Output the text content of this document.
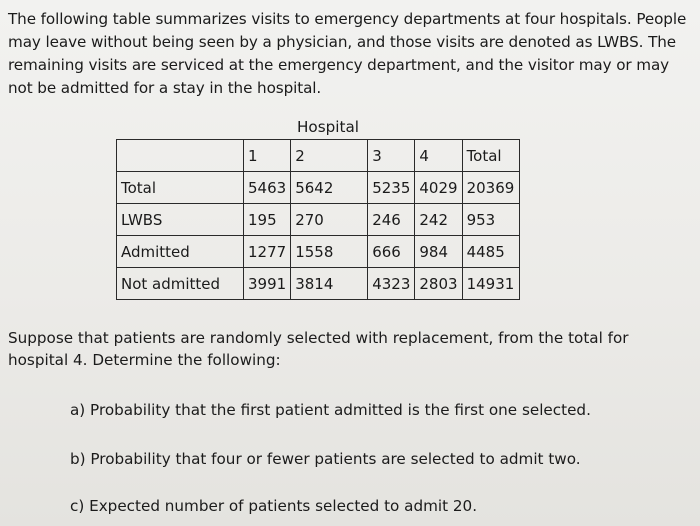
The following table summarizes visits to emergency departments at four hospitals. People may leave without being seen by a physician, and those visits are denoted as LWBS. The remaining visits are serviced at the emergency department, and the visitor may or may not be admitted for a stay in the hospital.
Hospital
	1	2	3	4	Total
Total	5463	5642	5235	4029	20369
LWBS	195	270	246	242	953
Admitted	1277	1558	666	984	4485
Not admitted	3991	3814	4323	2803	14931
Suppose that patients are randomly selected with replacement, from the total for hospital 4. Determine the following:
a) Probability that the first patient admitted is the first one selected.
b) Probability that four or fewer patients are selected to admit two.
c) Expected number of patients selected to admit 20.
